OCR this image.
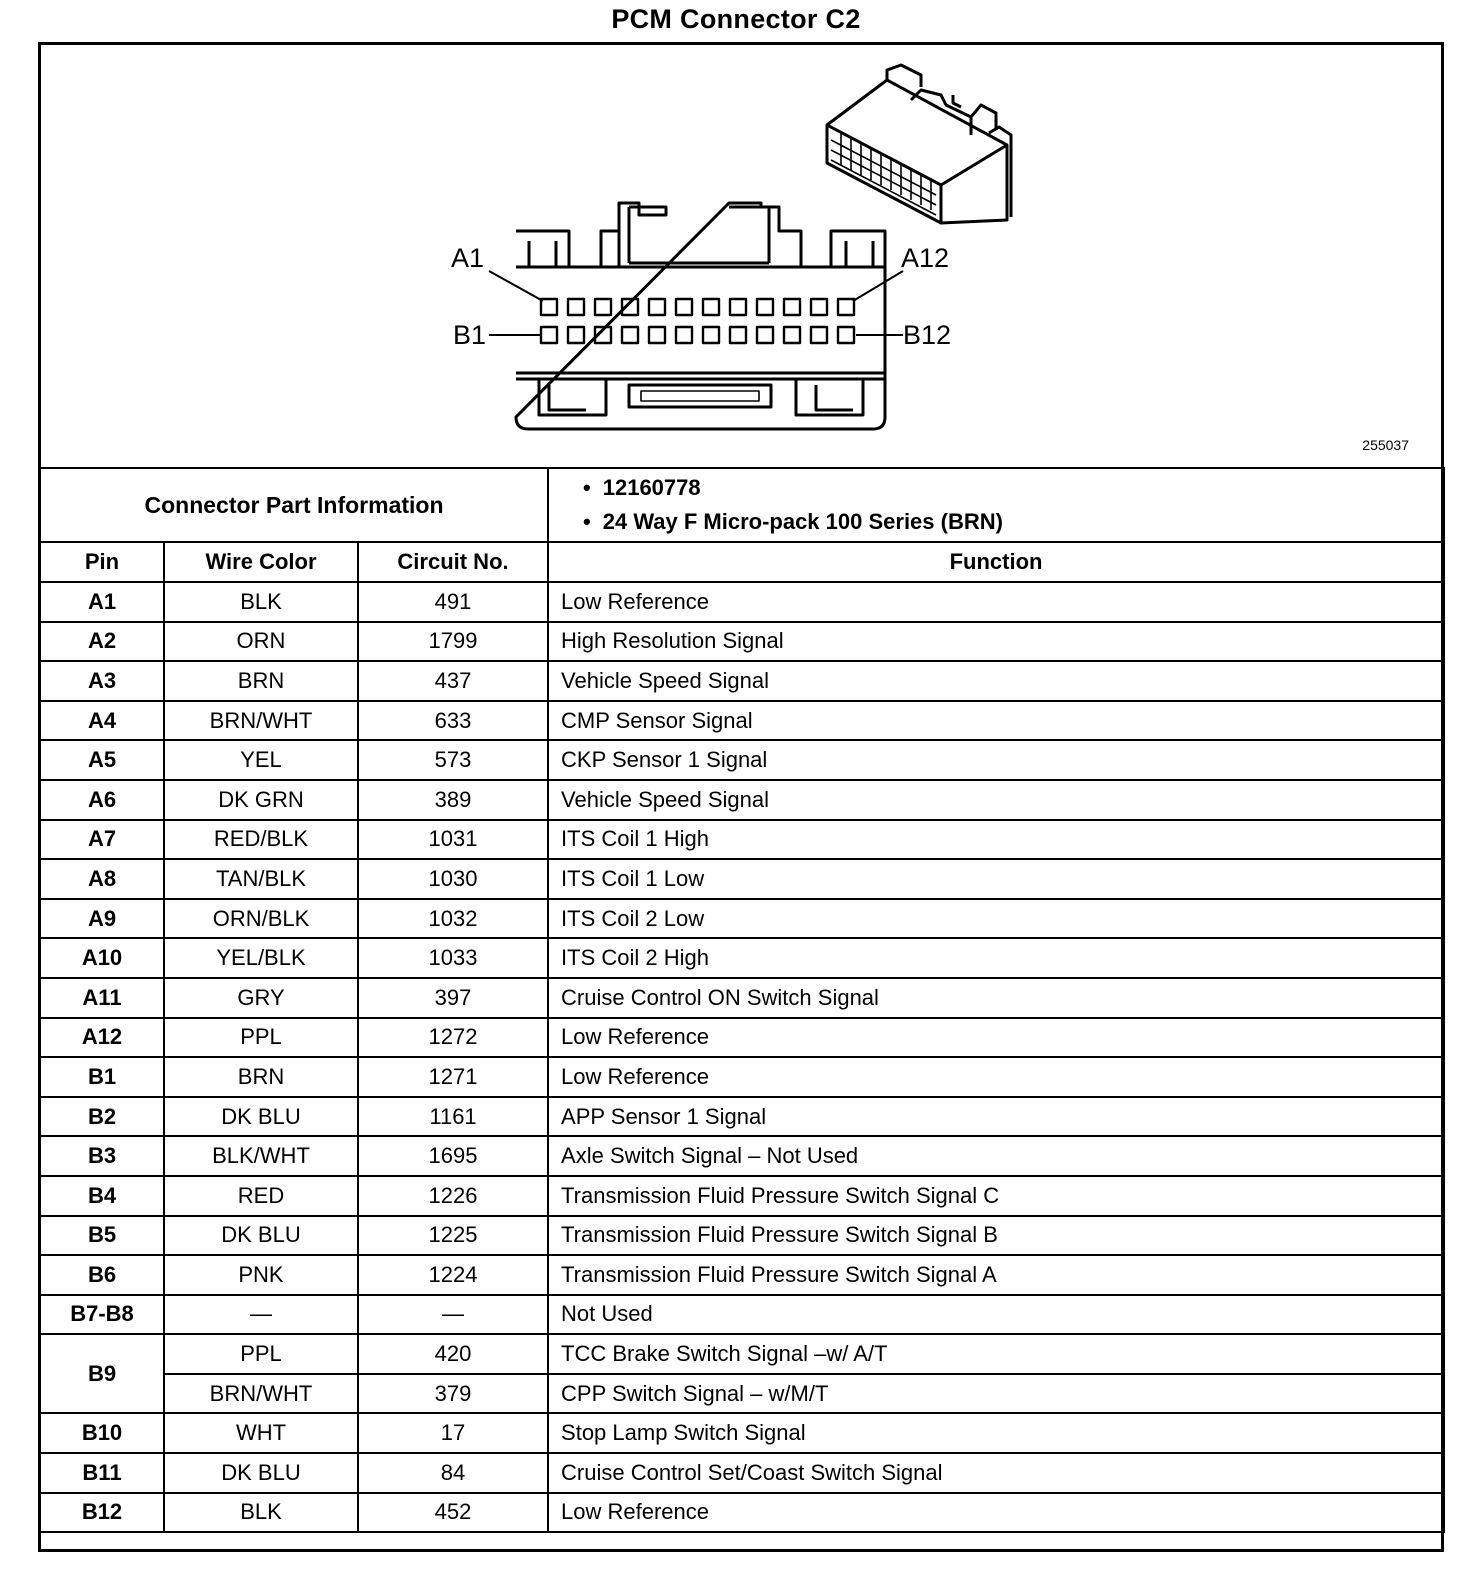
PCM Connector C2
A1	A12
B1	B12
255037
Connector Part Information			• 12160778
• 24 Way F Micro-pack 100 Series (BRN)

Pin	Wire Color	Circuit No.	Function
A1	BLK	491	Low Reference
A2	ORN	1799	High Resolution Signal
A3	BRN	437	Vehicle Speed Signal
A4	BRN/WHT	633	CMP Sensor Signal
A5	YEL	573	CKP Sensor 1 Signal
A6	DK GRN	389	Vehicle Speed Signal
A7	RED/BLK	1031	ITS Coil 1 High
A8	TAN/BLK	1030	ITS Coil 1 Low
A9	ORN/BLK	1032	ITS Coil 2 Low
A10	YEL/BLK	1033	ITS Coil 2 High
A11	GRY	397	Cruise Control ON Switch Signal
A12	PPL	1272	Low Reference
B1	BRN	1271	Low Reference
B2	DK BLU	1161	APP Sensor 1 Signal
B3	BLK/WHT	1695	Axle Switch Signal – Not Used
B4	RED	1226	Transmission Fluid Pressure Switch Signal C
B5	DK BLU	1225	Transmission Fluid Pressure Switch Signal B
B6	PNK	1224	Transmission Fluid Pressure Switch Signal A
B7-B8	—	—	Not Used
B9	PPL	420	TCC Brake Switch Signal –w/ A/T
	BRN/WHT	379	CPP Switch Signal – w/M/T
B10	WHT	17	Stop Lamp Switch Signal
B11	DK BLU	84	Cruise Control Set/Coast Switch Signal
B12	BLK	452	Low Reference
